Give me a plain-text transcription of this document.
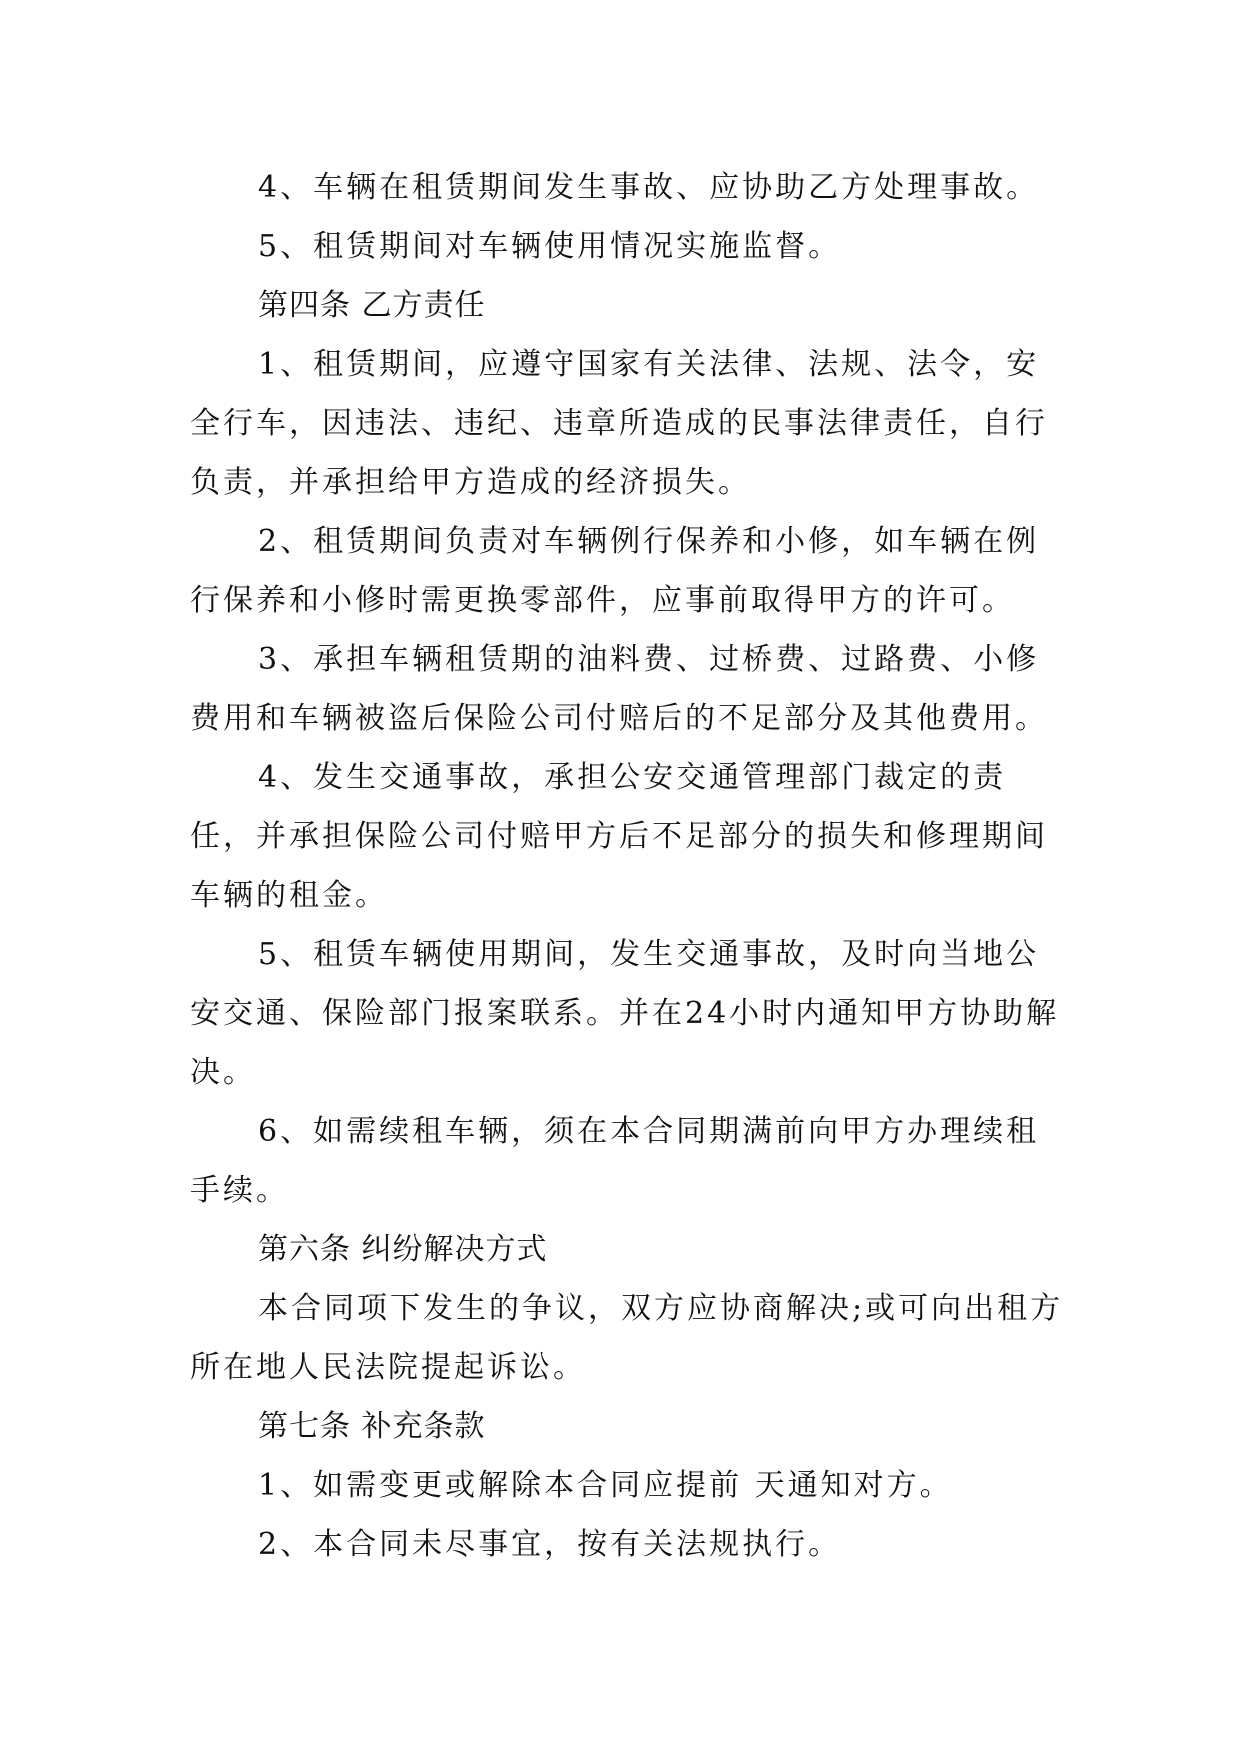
4、车辆在租赁期间发生事故、应协助乙方处理事故。

5、租赁期间对车辆使用情况实施监督。

第四条 乙方责任

1、租赁期间，应遵守国家有关法律、法规、法令，安全行车，因违法、违纪、违章所造成的民事法律责任，自行负责，并承担给甲方造成的经济损失。

2、租赁期间负责对车辆例行保养和小修，如车辆在例行保养和小修时需更换零部件，应事前取得甲方的许可。

3、承担车辆租赁期的油料费、过桥费、过路费、小修费用和车辆被盗后保险公司付赔后的不足部分及其他费用。

4、发生交通事故，承担公安交通管理部门裁定的责任，并承担保险公司付赔甲方后不足部分的损失和修理期间车辆的租金。

5、租赁车辆使用期间，发生交通事故，及时向当地公安交通、保险部门报案联系。并在24小时内通知甲方协助解决。

6、如需续租车辆，须在本合同期满前向甲方办理续租手续。

第六条 纠纷解决方式

本合同项下发生的争议，双方应协商解决;或可向出租方所在地人民法院提起诉讼。

第七条 补充条款

1、如需变更或解除本合同应提前 天通知对方。

2、本合同未尽事宜，按有关法规执行。
